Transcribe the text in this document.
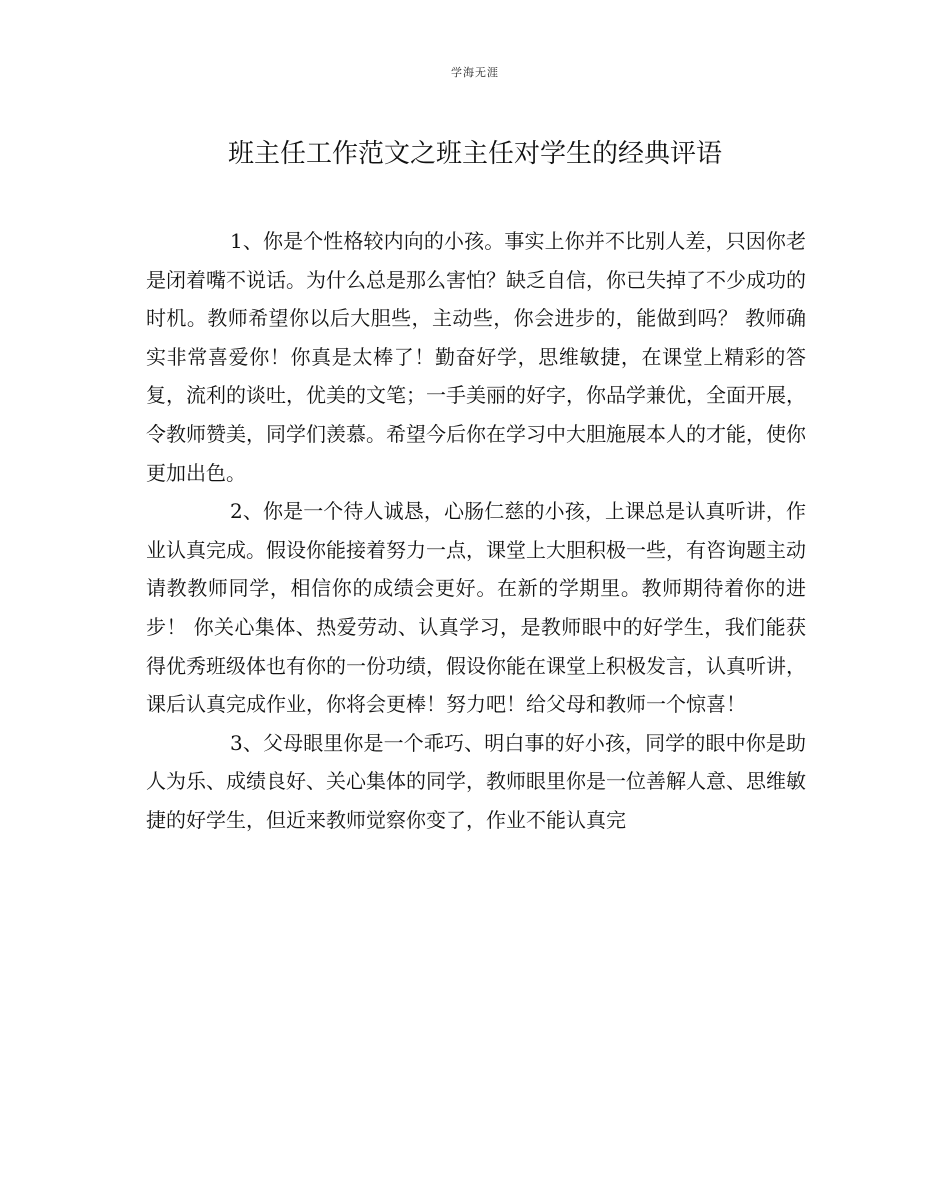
学海无涯
班主任工作范文之班主任对学生的经典评语

1、你是个性格较内向的小孩。事实上你并不比别人差，只因你老是闭着嘴不说话。为什么总是那么害怕？缺乏自信，你已失掉了不少成功的时机。教师希望你以后大胆些，主动些，你会进步的，能做到吗？ 教师确实非常喜爱你！你真是太棒了！勤奋好学，思维敏捷，在课堂上精彩的答复，流利的谈吐，优美的文笔；一手美丽的好字，你品学兼优，全面开展，令教师赞美，同学们羡慕。希望今后你在学习中大胆施展本人的才能，使你更加出色。

2、你是一个待人诚恳，心肠仁慈的小孩，上课总是认真听讲，作业认真完成。假设你能接着努力一点，课堂上大胆积极一些，有咨询题主动请教教师同学，相信你的成绩会更好。在新的学期里。教师期待着你的进步！ 你关心集体、热爱劳动、认真学习，是教师眼中的好学生，我们能获得优秀班级体也有你的一份功绩，假设你能在课堂上积极发言，认真听讲，课后认真完成作业，你将会更棒！努力吧！给父母和教师一个惊喜！

3、父母眼里你是一个乖巧、明白事的好小孩，同学的眼中你是助人为乐、成绩良好、关心集体的同学，教师眼里你是一位善解人意、思维敏捷的好学生，但近来教师觉察你变了，作业不能认真完
